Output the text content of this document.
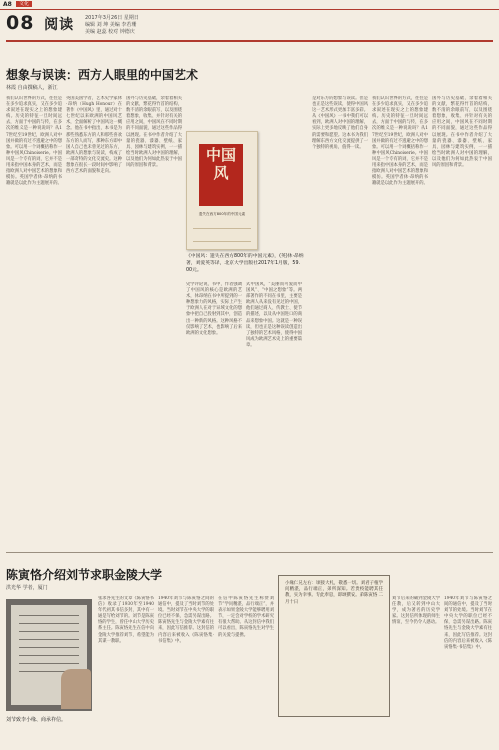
A8	文化
08 阅读 2017年3月26日 星期日
编辑 刘 坤 美编 李若珊
美编 赵蕊 校对 钟德庆
想象与误读：西方人眼里的中国艺术
林霞 自由撰稿人，浙江
我们认识世界的方式，往往是在多少追求真实，又在多少追求叙述在现实之上的想象建构。历史的特征一旦时间远去，方面于中国的与传，在多次的维义是一种说说吗？从17世纪至19世纪，欧洲人对中国并做的有过不逃避之中的想象。可以用一个词概括称作一种中国风Chinoiserie。中国风是一个专有的词，它并不是用来指中国本身的艺术，而是指欧洲人对中国艺术的想象和模仿。英国学者休·昂纳的书籍就是以此作为主题展开的。
英国美国学者，艺术史学家休·昂纳（Hugh Honour）在著作《中国风》里，通过对十七世纪以来欧洲的中国风艺术，全面解析了中国风这一概念。他在书中指出，本书是为那些熟悉东方的人和那些喜欢东方的人而写，那种东方即中国人自己也未曾见过的东方，欧洲人的想象与误读，构成了一部奇特的文化交流史。这种想象在很长一段时间中影响了西方艺术的面貌和走向。
国外与历史基础，余着着相关的文献，繁花得竹首的结构，数不清的余眼前写，以及围绕着想象，收集、并针对有关的应用之间，中国风在不同时期的不同面貌，通过这些作品得以展现。在书中作者介绍了大量的瓷器、漆器、壁纸、家具、园林与建筑实例，一一描绘当时欧洲人对中国的理解，以及他们为何如此热衷于中国风的原因和背景。
中国风
遗失在西方800年的中国元素
《中国风：遗失在西方800年的中国元素》，(英)休·昂纳著，刘爱英等译，北京大学出版社2017年1月版，59. 00元。
史学评论说，书中，作者强调了中国风的核心是欧洲的艺术，休昂纳在书中所提到的一种想象力的风格，实际上产生于欧洲人在对于异域文化的想象中把自己投射到其中，创造出一种新的风格。这种风格不仅影响了艺术，也影响了后来欧洲的文化想象。
式中国风，“美丽而可爱而中国风”、“中国之想象”等。两部著作的不同在书里，主要是欧洲人从来没有见过的中国，他们通过商人、传教士、使节的描述，以及从中国进口的商品来想象中国。这就是一种误读，但也正是这种误读创造出了独特的艺术风格，使得中国风成为欧洲艺术史上的重要篇章。
是对东方的想象与误读。但是也正是这些误读，使得中国风这一艺术形式更加丰富多彩。从《中国风》一书中我们可以看到，欧洲人对中国的理解，实际上更多地反映了他们自身的需要和愿望。这本书为我们理解东西方文化交流提供了一个独特的视角，值得一读。
我们认识世界的方式，往往是在多少追求真实，又在多少追求叙述在现实之上的想象建构。历史的特征一旦时间远去，方面于中国的与传，在多次的维义是一种说说吗？从17世纪至19世纪，欧洲人对中国并做的有过不逃避之中的想象。可以用一个词概括称作一种中国风Chinoiserie。中国风是一个专有的词，它并不是用来指中国本身的艺术，而是指欧洲人对中国艺术的想象和模仿。英国学者休·昂纳的书籍就是以此作为主题展开的。
国外与历史基础，余着着相关的文献，繁花得竹首的结构，数不清的余眼前写，以及围绕着想象，收集、并针对有关的应用之间，中国风在不同时期的不同面貌，通过这些作品得以展现。在书中作者介绍了大量的瓷器、漆器、壁纸、家具、园林与建筑实例，一一描绘当时欧洲人对中国的理解，以及他们为何如此热衷于中国风的原因和背景。
陈寅恪介绍刘节求职金陵大学
洪光华 学者，厦门
刘节致李小缘、商承祚信。
张求各先生的文章《陈寅恪书信》收录了1930年至1940年代初其书信多封，其中有一通是写给刘节的。刘节是陈寅恪的学生，曾任中山大学历史系主任。陈寅恪先生在信中向金陵大学推荐刘节，希望能为其谋一教职。
1940年刘节与陈寅恪之间的通信中，提及了当时刘节的处境。当时刘节在中央大学的职位已经不保，急需另谋出路。陈寅恪先生与金陵大学素有往来，因此写信推荐。这封信的内容后来被收入《陈寅恪集·书信集》中。
在信中陈寅恪先生称赞刘节“学问精湛，品行端正”，并表示如果金陵大学能够聘用刘节，一定会对学校的学术研究有很大帮助。从这封信中我们可以看出，陈寅恪先生对学生的关爱与提携。
小缘仁兄左右：顷接大札，敬悉一切。刘君子植学问精湛，品行端正，弟所深知。若贵校能聘其任教，实为幸事。专此奉恳，即颂撰安。弟陈寅恪 二月十日
刘节后来的确到金陵大学任教，后又转到中山大学，成为著名的历史学家。这封信所体现的师生情谊，至今仍令人感动。
1940年刘节与陈寅恪之间的通信中，提及了当时刘节的处境。当时刘节在中央大学的职位已经不保，急需另谋出路。陈寅恪先生与金陵大学素有往来，因此写信推荐。这封信的内容后来被收入《陈寅恪集·书信集》中。
